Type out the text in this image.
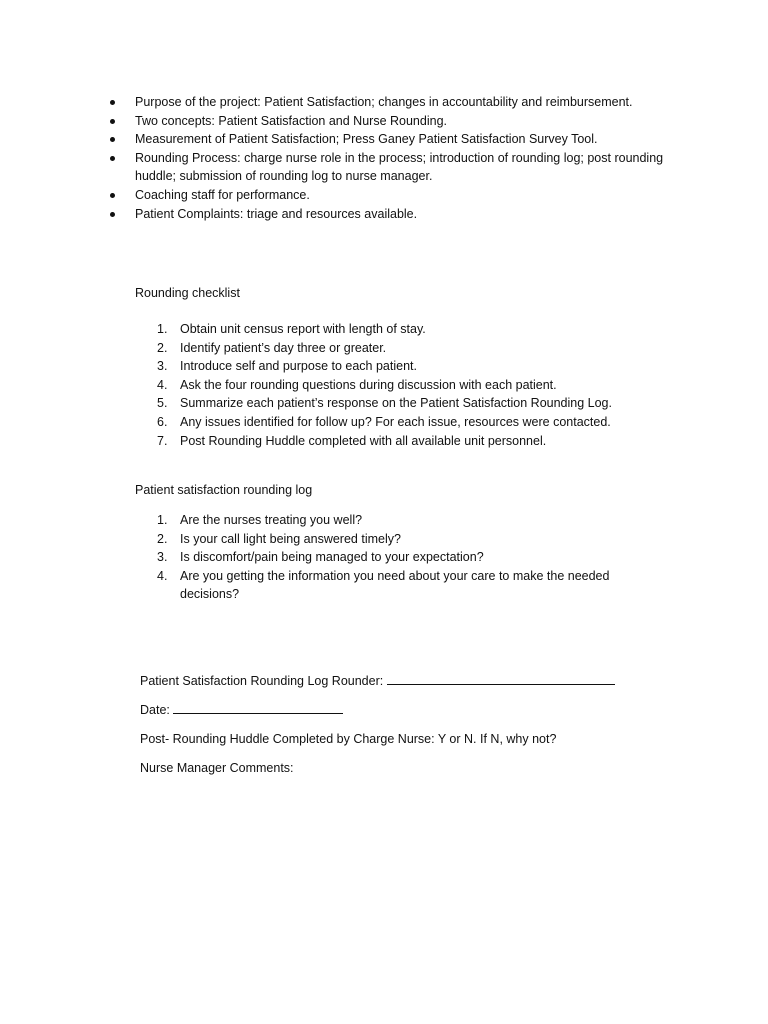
Purpose of the project: Patient Satisfaction; changes in accountability and reimbursement.
Two concepts: Patient Satisfaction and Nurse Rounding.
Measurement of Patient Satisfaction; Press Ganey Patient Satisfaction Survey Tool.
Rounding Process: charge nurse role in the process; introduction of rounding log; post rounding huddle; submission of rounding log to nurse manager.
Coaching staff for performance.
Patient Complaints: triage and resources available.
Rounding checklist
1. Obtain unit census report with length of stay.
2. Identify patient’s day three or greater.
3. Introduce self and purpose to each patient.
4. Ask the four rounding questions during discussion with each patient.
5. Summarize each patient’s response on the Patient Satisfaction Rounding Log.
6. Any issues identified for follow up? For each issue, resources were contacted.
7. Post Rounding Huddle completed with all available unit personnel.
Patient satisfaction rounding log
1. Are the nurses treating you well?
2. Is your call light being answered timely?
3. Is discomfort/pain being managed to your expectation?
4. Are you getting the information you need about your care to make the needed decisions?

Patient Satisfaction Rounding Log Rounder:

Date:

Post- Rounding Huddle Completed by Charge Nurse: Y or N. If N, why not?

Nurse Manager Comments:
